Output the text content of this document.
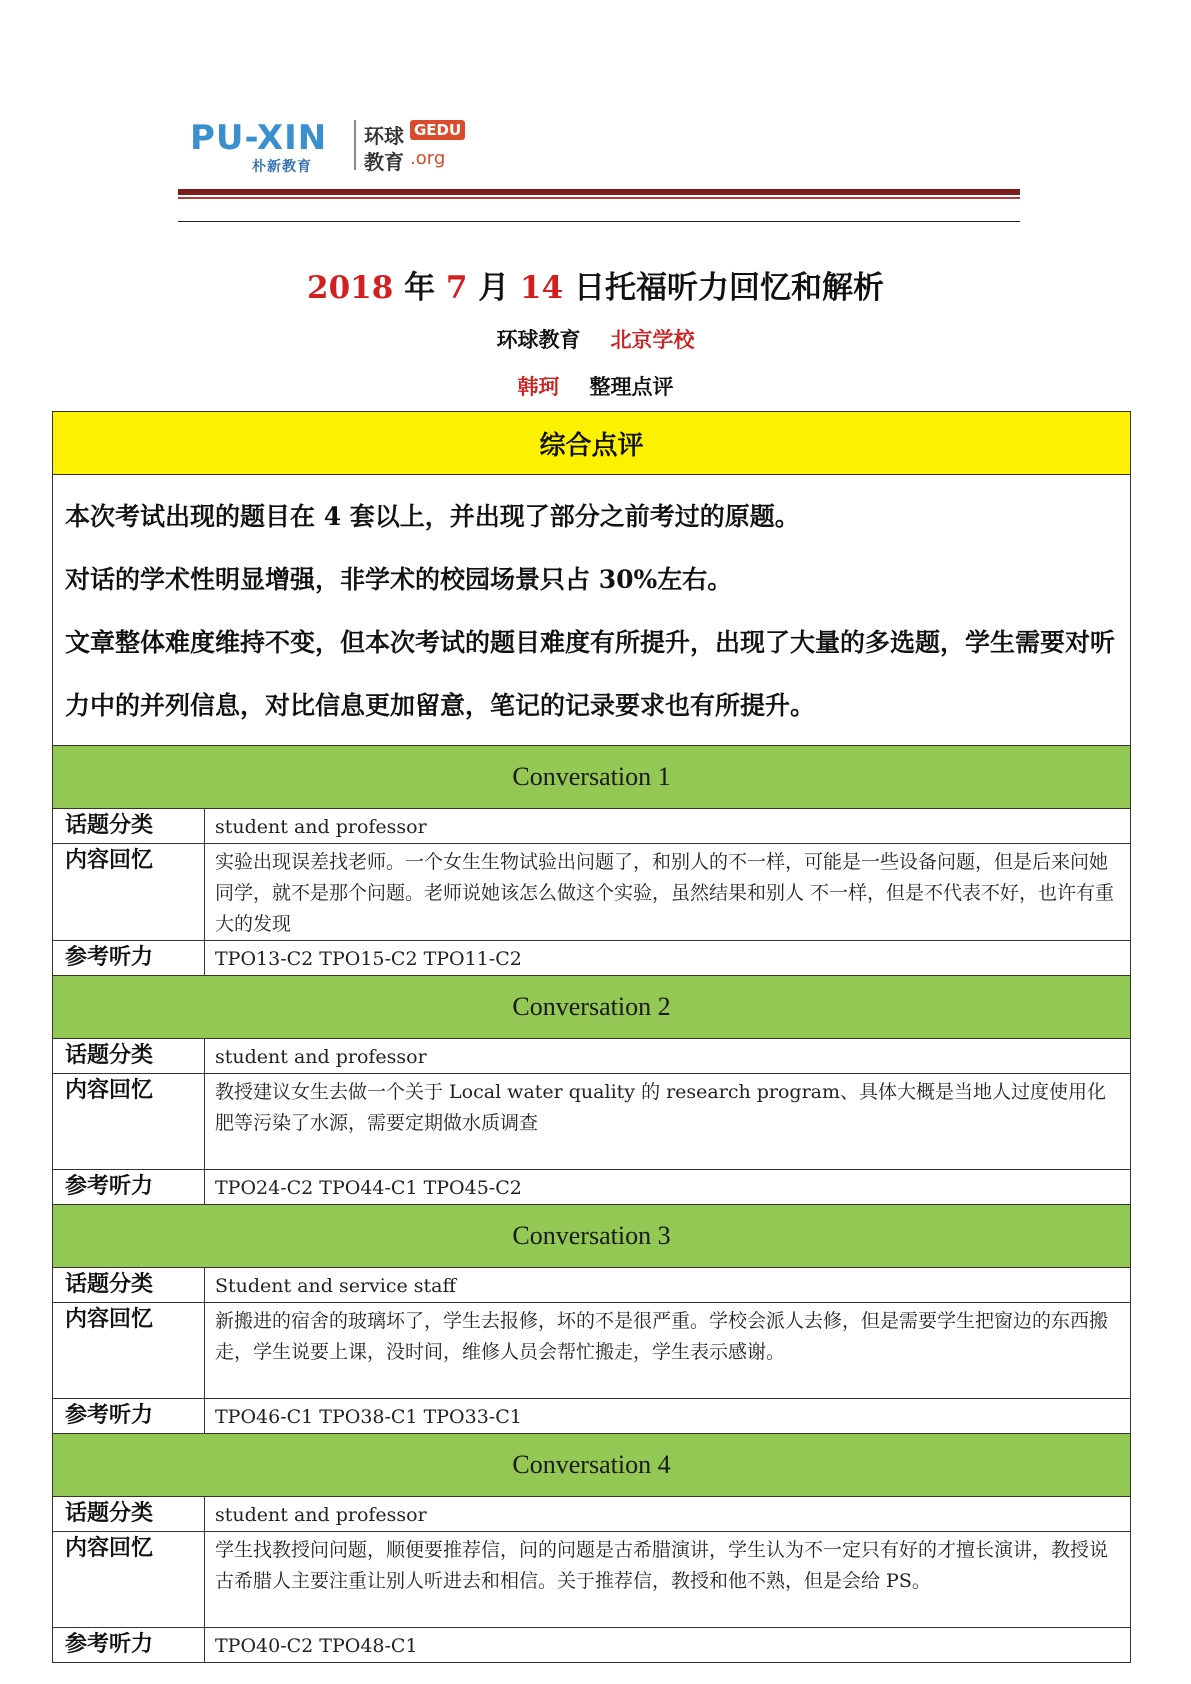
PU-XIN
朴新教育
环球
教育
GEDU
.org
2018 年 7 月 14 日托福听力回忆和解析
环球教育 北京学校
韩珂 整理点评
综合点评	

本次考试出现的题目在 4 套以上，并出现了部分之前考过的原题。

对话的学术性明显增强，非学术的校园场景只占 30%左右。

文章整体难度维持不变，但本次考试的题目难度有所提升，出现了大量的多选题，学生需要对听力中的并列信息，对比信息更加留意，笔记的记录要求也有所提升。	

Conversation 1	
话题分类	student and professor
内容回忆	实验出现误差找老师。一个女生生物试验出问题了，和别人的不一样，可能是一些设备问题，但是后来问她同学，就不是那个问题。老师说她该怎么做这个实验，虽然结果和别人 不一样，但是不代表不好，也许有重大的发现
参考听力	TPO13-C2 TPO15-C2 TPO11-C2
Conversation 2	
话题分类	student and professor
内容回忆	教授建议女生去做一个关于 Local water quality 的 research program、具体大概是当地人过度使用化肥等污染了水源，需要定期做水质调查
参考听力	TPO24-C2 TPO44-C1 TPO45-C2
Conversation 3	
话题分类	Student and service staff
内容回忆	新搬进的宿舍的玻璃坏了，学生去报修，坏的不是很严重。学校会派人去修，但是需要学生把窗边的东西搬走，学生说要上课，没时间，维修人员会帮忙搬走，学生表示感谢。
参考听力	TPO46-C1 TPO38-C1 TPO33-C1
Conversation 4	
话题分类	student and professor
内容回忆	学生找教授问问题，顺便要推荐信，问的问题是古希腊演讲，学生认为不一定只有好的才擅长演讲，教授说古希腊人主要注重让别人听进去和相信。关于推荐信，教授和他不熟，但是会给 PS。
参考听力	TPO40-C2 TPO48-C1
